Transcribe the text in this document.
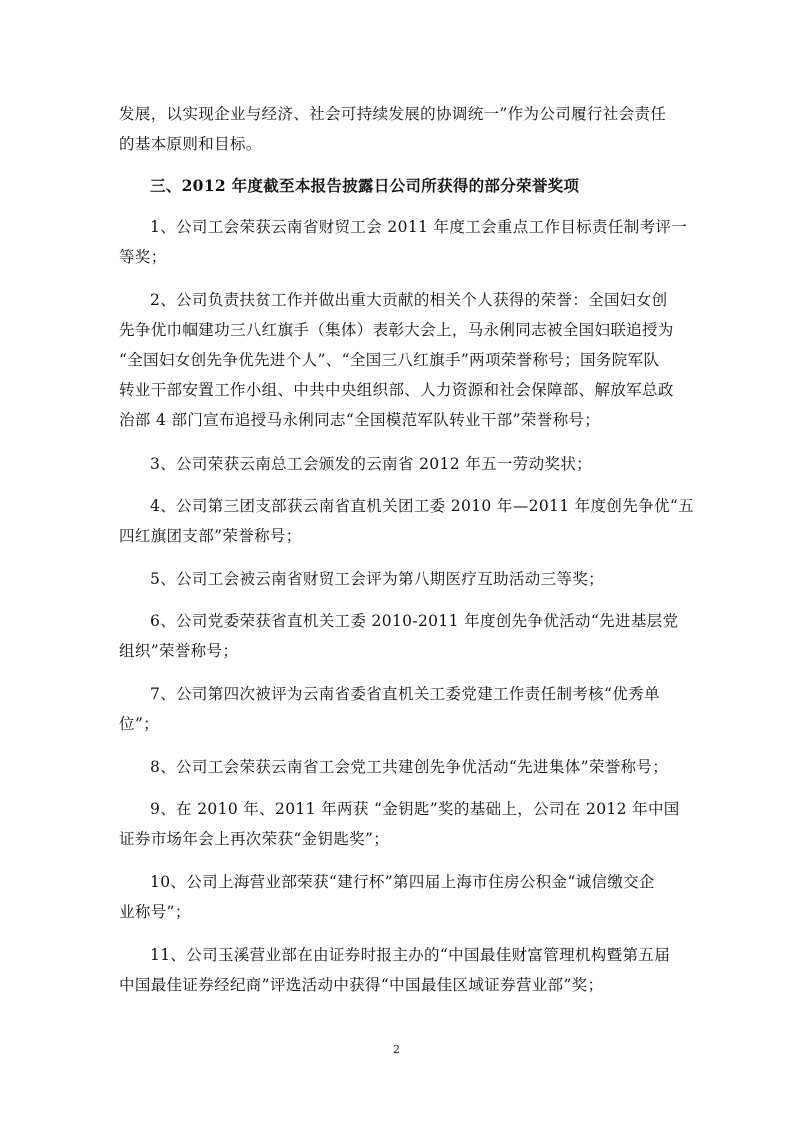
发展，以实现企业与经济、社会可持续发展的协调统一”作为公司履行社会责任
的基本原则和目标。
三、2012 年度截至本报告披露日公司所获得的部分荣誉奖项
1、公司工会荣获云南省财贸工会 2011 年度工会重点工作目标责任制考评一
等奖；
2、公司负责扶贫工作并做出重大贡献的相关个人获得的荣誉：全国妇女创
先争优巾帼建功三八红旗手（集体）表彰大会上，马永俐同志被全国妇联追授为
“全国妇女创先争优先进个人”、“全国三八红旗手”两项荣誉称号；国务院军队
转业干部安置工作小组、中共中央组织部、人力资源和社会保障部、解放军总政
治部 4 部门宣布追授马永俐同志“全国模范军队转业干部”荣誉称号；
3、公司荣获云南总工会颁发的云南省 2012 年五一劳动奖状；
4、公司第三团支部获云南省直机关团工委 2010 年—2011 年度创先争优“五
四红旗团支部”荣誉称号；
5、公司工会被云南省财贸工会评为第八期医疗互助活动三等奖；
6、公司党委荣获省直机关工委 2010-2011 年度创先争优活动“先进基层党
组织”荣誉称号；
7、公司第四次被评为云南省委省直机关工委党建工作责任制考核“优秀单
位”；
8、公司工会荣获云南省工会党工共建创先争优活动“先进集体”荣誉称号；
9、在 2010 年、2011 年两获 “金钥匙”奖的基础上，公司在 2012 年中国
证券市场年会上再次荣获“金钥匙奖”；
10、公司上海营业部荣获“建行杯”第四届上海市住房公积金“诚信缴交企
业称号”；
11、公司玉溪营业部在由证券时报主办的“中国最佳财富管理机构暨第五届
中国最佳证券经纪商”评选活动中获得“中国最佳区域证券营业部”奖；
2
